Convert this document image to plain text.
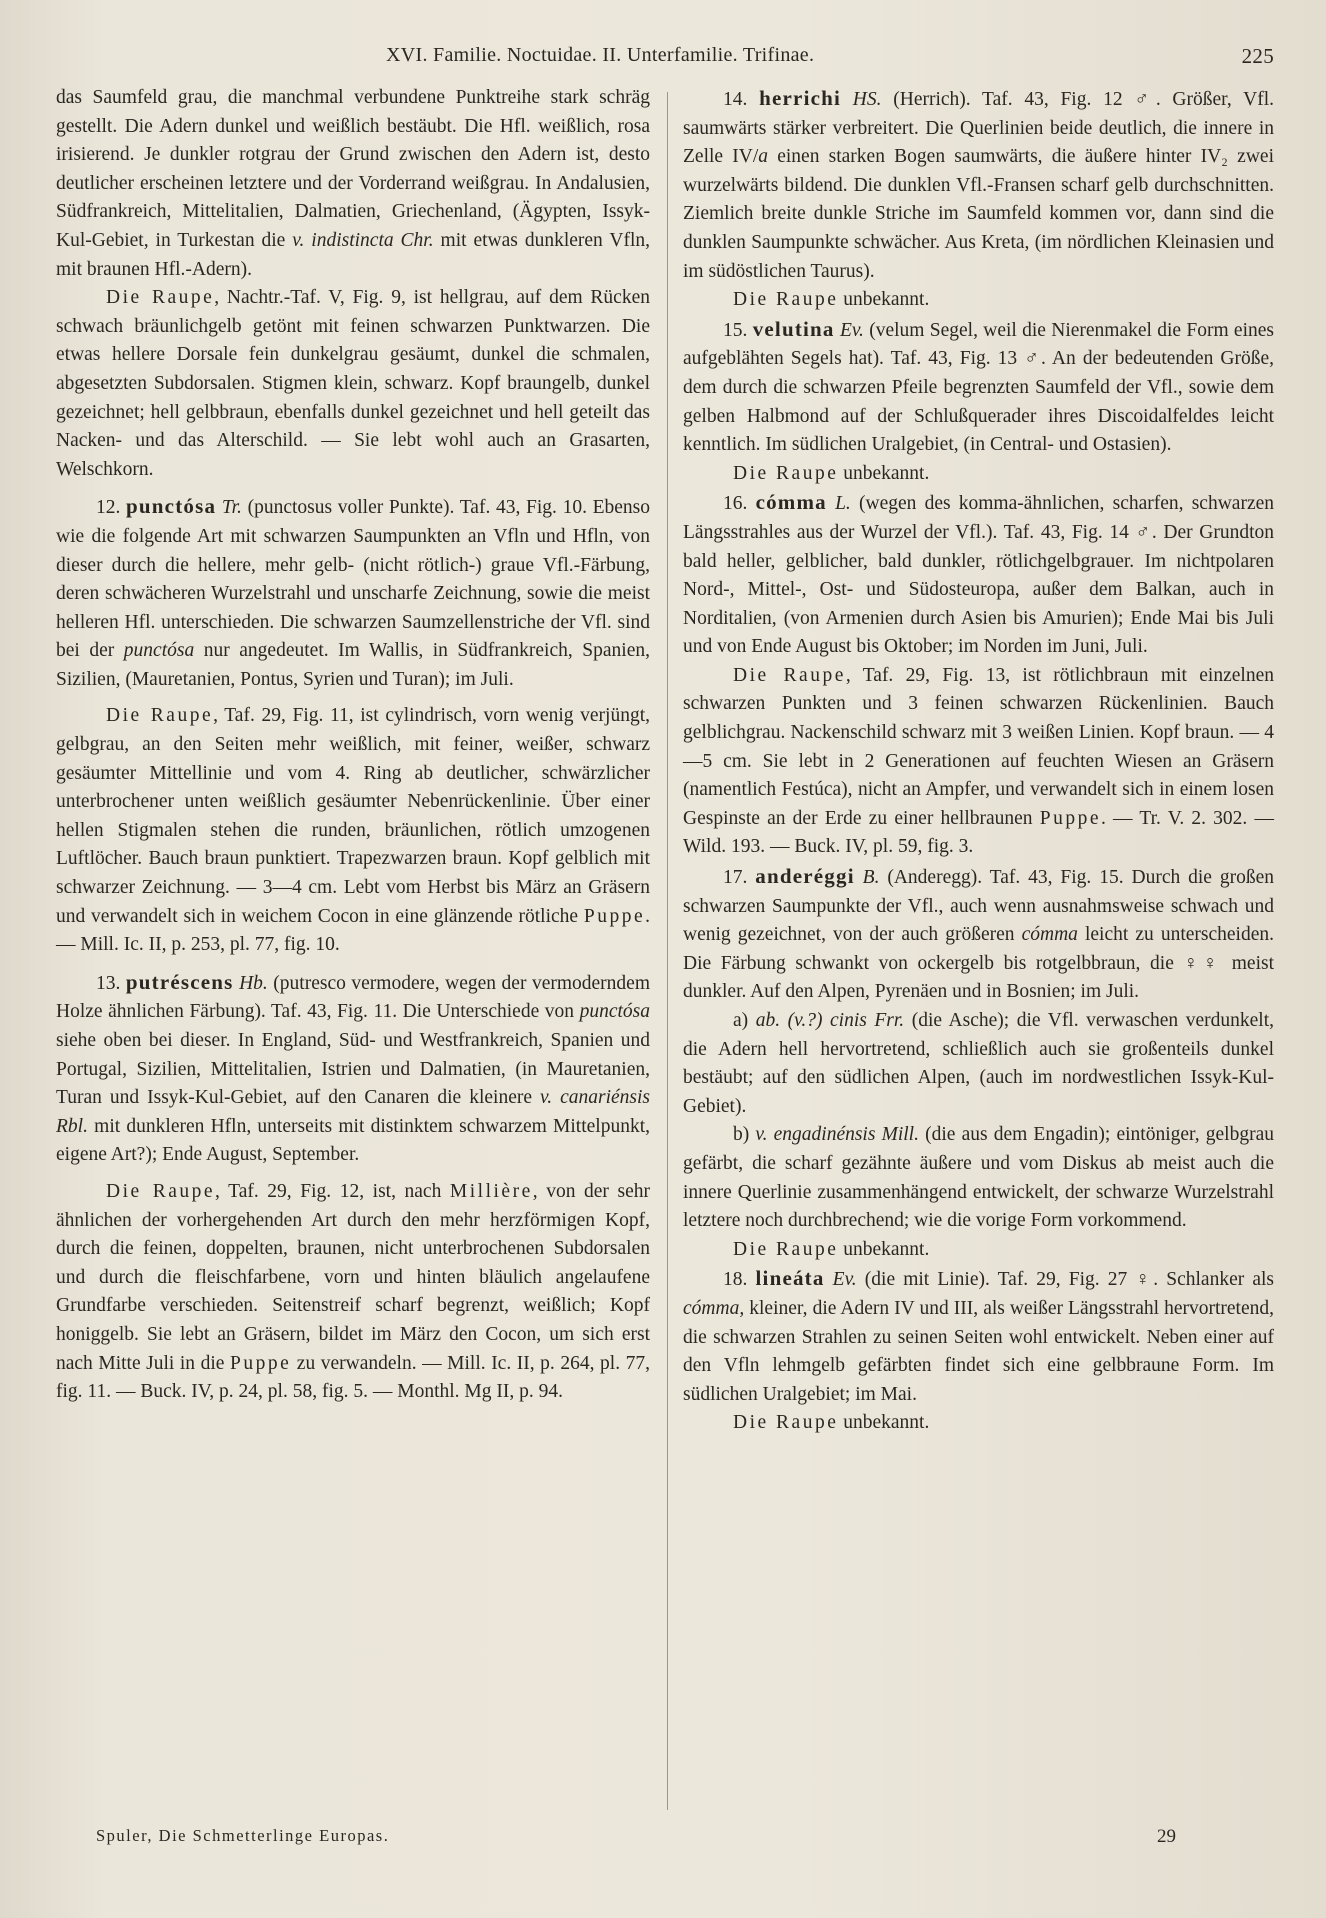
XVI. Familie. Noctuidae. II. Unterfamilie. Trifinae.	225

das Saumfeld grau, die manchmal verbundene Punktreihe stark schräg gestellt. Die Adern dunkel und weißlich bestäubt. Die Hfl. weißlich, rosa irisierend. Je dunkler rotgrau der Grund zwischen den Adern ist, desto deutlicher erscheinen letztere und der Vorderrand weißgrau. In Andalusien, Südfrankreich, Mittelitalien, Dalmatien, Griechenland, (Ägypten, Issyk-Kul-Gebiet, in Turkestan die v. indistincta Chr. mit etwas dunkleren Vfln, mit braunen Hfl.-Adern).

Die Raupe, Nachtr.-Taf. V, Fig. 9, ist hellgrau, auf dem Rücken schwach bräunlichgelb getönt mit feinen schwarzen Punktwarzen. Die etwas hellere Dorsale fein dunkelgrau gesäumt, dunkel die schmalen, abgesetzten Subdorsalen. Stigmen klein, schwarz. Kopf braungelb, dunkel gezeichnet; hell gelbbraun, ebenfalls dunkel gezeichnet und hell geteilt das Nacken- und das Alterschild. — Sie lebt wohl auch an Grasarten, Welschkorn.

12. punctósa Tr. (punctosus voller Punkte). Taf. 43, Fig. 10. Ebenso wie die folgende Art mit schwarzen Saumpunkten an Vfln und Hfln, von dieser durch die hellere, mehr gelb- (nicht rötlich-) graue Vfl.-Färbung, deren schwächeren Wurzelstrahl und unscharfe Zeichnung, sowie die meist helleren Hfl. unterschieden. Die schwarzen Saumzellenstriche der Vfl. sind bei der punctósa nur angedeutet. Im Wallis, in Südfrankreich, Spanien, Sizilien, (Mauretanien, Pontus, Syrien und Turan); im Juli.

Die Raupe, Taf. 29, Fig. 11, ist cylindrisch, vorn wenig verjüngt, gelbgrau, an den Seiten mehr weißlich, mit feiner, weißer, schwarz gesäumter Mittellinie und vom 4. Ring ab deutlicher, schwärzlicher unterbrochener unten weißlich gesäumter Nebenrückenlinie. Über einer hellen Stigmalen stehen die runden, bräunlichen, rötlich umzogenen Luftlöcher. Bauch braun punktiert. Trapezwarzen braun. Kopf gelblich mit schwarzer Zeichnung. — 3—4 cm. Lebt vom Herbst bis März an Gräsern und verwandelt sich in weichem Cocon in eine glänzende rötliche Puppe. — Mill. Ic. II, p. 253, pl. 77, fig. 10.

13. putréscens Hb. (putresco vermodere, wegen der vermoderndem Holze ähnlichen Färbung). Taf. 43, Fig. 11. Die Unterschiede von punctósa siehe oben bei dieser. In England, Süd- und Westfrankreich, Spanien und Portugal, Sizilien, Mittelitalien, Istrien und Dalmatien, (in Mauretanien, Turan und Issyk-Kul-Gebiet, auf den Canaren die kleinere v. canariénsis Rbl. mit dunkleren Hfln, unterseits mit distinktem schwarzem Mittelpunkt, eigene Art?); Ende August, September.

Die Raupe, Taf. 29, Fig. 12, ist, nach Millière, von der sehr ähnlichen der vorhergehenden Art durch den mehr herzförmigen Kopf, durch die feinen, doppelten, braunen, nicht unterbrochenen Subdorsalen und durch die fleischfarbene, vorn und hinten bläulich angelaufene Grundfarbe verschieden. Seitenstreif scharf begrenzt, weißlich; Kopf honiggelb. Sie lebt an Gräsern, bildet im März den Cocon, um sich erst nach Mitte Juli in die Puppe zu verwandeln. — Mill. Ic. II, p. 264, pl. 77, fig. 11. — Buck. IV, p. 24, pl. 58, fig. 5. — Monthl. Mg II, p. 94.

14. herrichi HS. (Herrich). Taf. 43, Fig. 12 ♂. Größer, Vfl. saumwärts stärker verbreitert. Die Querlinien beide deutlich, die innere in Zelle IV/a einen starken Bogen saumwärts, die äußere hinter IV₂ zwei wurzelwärts bildend. Die dunklen Vfl.-Fransen scharf gelb durchschnitten. Ziemlich breite dunkle Striche im Saumfeld kommen vor, dann sind die dunklen Saumpunkte schwächer. Aus Kreta, (im nördlichen Kleinasien und im südöstlichen Taurus).

Die Raupe unbekannt.

15. velutina Ev. (velum Segel, weil die Nierenmakel die Form eines aufgeblähten Segels hat). Taf. 43, Fig. 13 ♂. An der bedeutenden Größe, dem durch die schwarzen Pfeile begrenzten Saumfeld der Vfl., sowie dem gelben Halbmond auf der Schlußquerader ihres Discoidalfeldes leicht kenntlich. Im südlichen Uralgebiet, (in Central- und Ostasien).

Die Raupe unbekannt.

16. cómma L. (wegen des komma-ähnlichen, scharfen, schwarzen Längsstrahles aus der Wurzel der Vfl.). Taf. 43, Fig. 14 ♂. Der Grundton bald heller, gelblicher, bald dunkler, rötlichgelbgrauer. Im nichtpolaren Nord-, Mittel-, Ost- und Südosteuropa, außer dem Balkan, auch in Norditalien, (von Armenien durch Asien bis Amurien); Ende Mai bis Juli und von Ende August bis Oktober; im Norden im Juni, Juli.

Die Raupe, Taf. 29, Fig. 13, ist rötlichbraun mit einzelnen schwarzen Punkten und 3 feinen schwarzen Rückenlinien. Bauch gelblichgrau. Nackenschild schwarz mit 3 weißen Linien. Kopf braun. — 4—5 cm. Sie lebt in 2 Generationen auf feuchten Wiesen an Gräsern (namentlich Festúca), nicht an Ampfer, und verwandelt sich in einem losen Gespinste an der Erde zu einer hellbraunen Puppe. — Tr. V. 2. 302. — Wild. 193. — Buck. IV, pl. 59, fig. 3.

17. anderéggi B. (Anderegg). Taf. 43, Fig. 15. Durch die großen schwarzen Saumpunkte der Vfl., auch wenn ausnahmsweise schwach und wenig gezeichnet, von der auch größeren cómma leicht zu unterscheiden. Die Färbung schwankt von ockergelb bis rotgelbbraun, die ♀♀ meist dunkler. Auf den Alpen, Pyrenäen und in Bosnien; im Juli.

a) ab. (v.?) cinis Frr. (die Asche); die Vfl. verwaschen verdunkelt, die Adern hell hervortretend, schließlich auch sie großenteils dunkel bestäubt; auf den südlichen Alpen, (auch im nordwestlichen Issyk-Kul-Gebiet).

b) v. engadinénsis Mill. (die aus dem Engadin); eintöniger, gelbgrau gefärbt, die scharf gezähnte äußere und vom Diskus ab meist auch die innere Querlinie zusammenhängend entwickelt, der schwarze Wurzelstrahl letztere noch durchbrechend; wie die vorige Form vorkommend.

Die Raupe unbekannt.

18. lineáta Ev. (die mit Linie). Taf. 29, Fig. 27 ♀. Schlanker als cómma, kleiner, die Adern IV und III, als weißer Längsstrahl hervortretend, die schwarzen Strahlen zu seinen Seiten wohl entwickelt. Neben einer auf den Vfln lehmgelb gefärbten findet sich eine gelbbraune Form. Im südlichen Uralgebiet; im Mai.

Die Raupe unbekannt.

Spuler, Die Schmetterlinge Europas.	29
